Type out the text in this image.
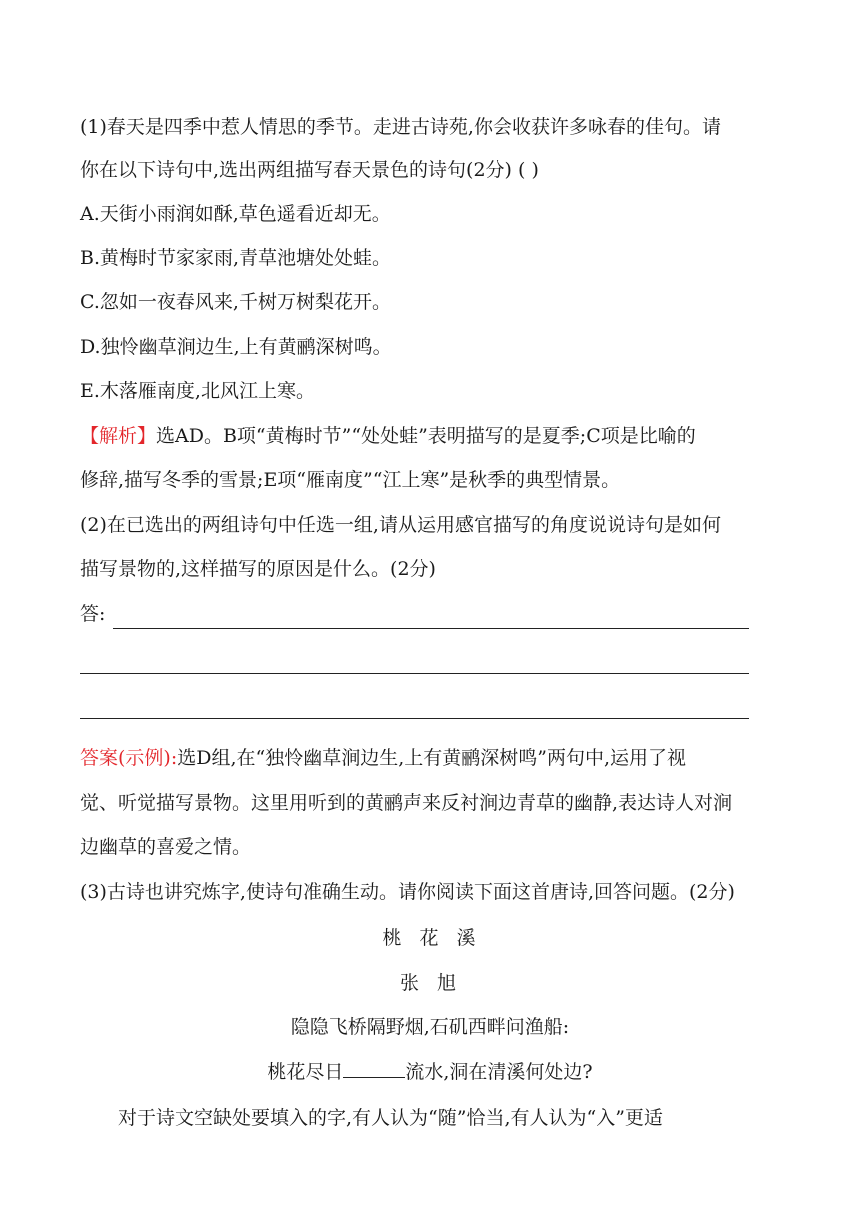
(1)春天是四季中惹人情思的季节。走进古诗苑,你会收获许多咏春的佳句。请
你在以下诗句中,选出两组描写春天景色的诗句(2分) ( )
A.天街小雨润如酥,草色遥看近却无。
B.黄梅时节家家雨,青草池塘处处蛙。
C.忽如一夜春风来,千树万树梨花开。
D.独怜幽草涧边生,上有黄鹂深树鸣。
E.木落雁南度,北风江上寒。
【解析】选AD。B项“黄梅时节”“处处蛙”表明描写的是夏季;C项是比喻的
修辞,描写冬季的雪景;E项“雁南度”“江上寒”是秋季的典型情景。
(2)在已选出的两组诗句中任选一组,请从运用感官描写的角度说说诗句是如何
描写景物的,这样描写的原因是什么。(2分)
答:
答案(示例):选D组,在“独怜幽草涧边生,上有黄鹂深树鸣”两句中,运用了视
觉、听觉描写景物。这里用听到的黄鹂声来反衬涧边青草的幽静,表达诗人对涧
边幽草的喜爱之情。
(3)古诗也讲究炼字,使诗句准确生动。请你阅读下面这首唐诗,回答问题。(2分)
桃花溪
张旭
隐隐飞桥隔野烟,石矶西畔问渔船:
桃花尽日	流水,洞在清溪何处边?
对于诗文空缺处要填入的字,有人认为“随”恰当,有人认为“入”更适
